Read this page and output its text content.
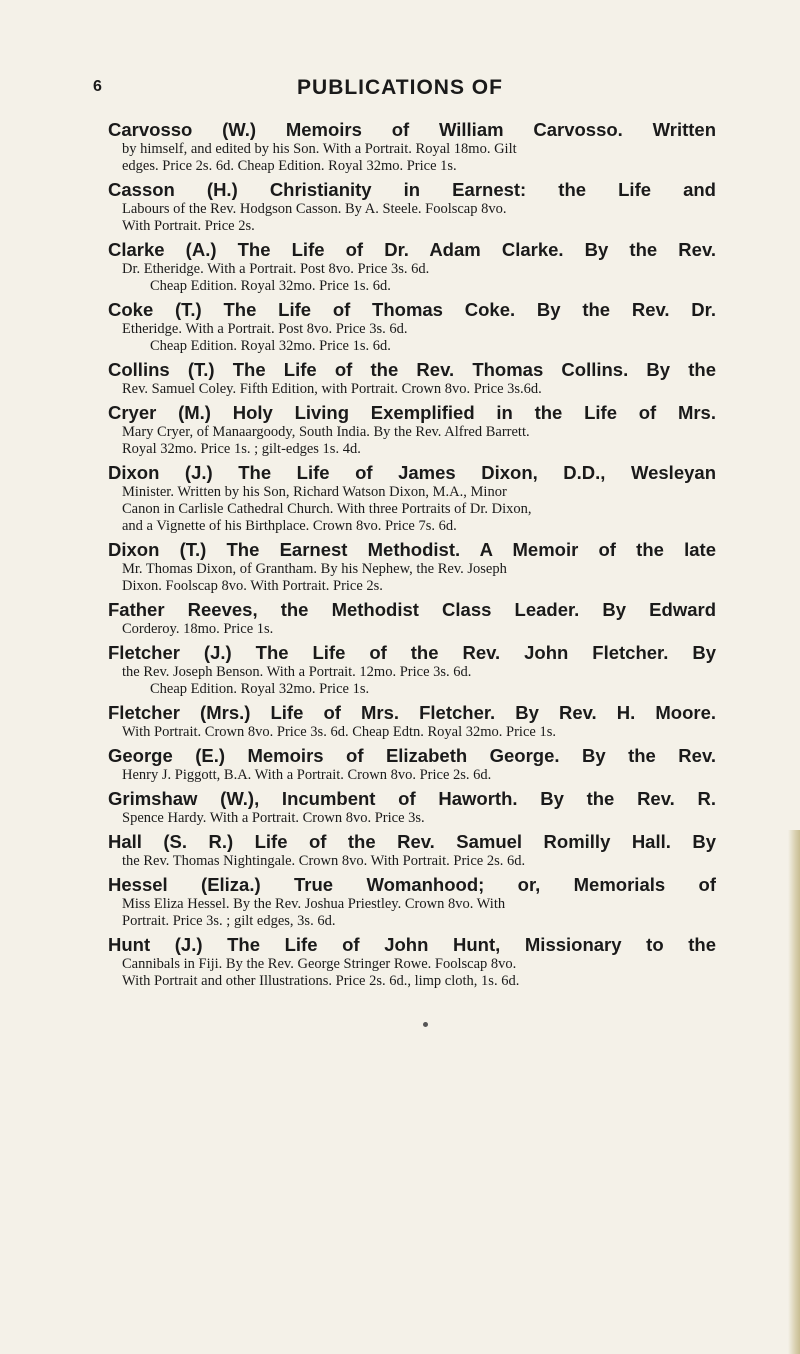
6	PUBLICATIONS OF
Carvosso (W.) Memoirs of William Carvosso. Written
by himself, and edited by his Son. With a Portrait. Royal 18mo. Gilt
edges. Price 2s. 6d. Cheap Edition. Royal 32mo. Price 1s.
Casson (H.) Christianity in Earnest: the Life and
Labours of the Rev. Hodgson Casson. By A. Steele. Foolscap 8vo.
With Portrait. Price 2s.
Clarke (A.) The Life of Dr. Adam Clarke. By the Rev.
Dr. Etheridge. With a Portrait. Post 8vo. Price 3s. 6d.
Cheap Edition. Royal 32mo. Price 1s. 6d.
Coke (T.) The Life of Thomas Coke. By the Rev. Dr.
Etheridge. With a Portrait. Post 8vo. Price 3s. 6d.
Cheap Edition. Royal 32mo. Price 1s. 6d.
Collins (T.) The Life of the Rev. Thomas Collins. By the
Rev. Samuel Coley. Fifth Edition, with Portrait. Crown 8vo. Price 3s.6d.
Cryer (M.) Holy Living Exemplified in the Life of Mrs.
Mary Cryer, of Manaargoody, South India. By the Rev. Alfred Barrett.
Royal 32mo. Price 1s. ; gilt-edges 1s. 4d.
Dixon (J.) The Life of James Dixon, D.D., Wesleyan
Minister. Written by his Son, Richard Watson Dixon, M.A., Minor
Canon in Carlisle Cathedral Church. With three Portraits of Dr. Dixon,
and a Vignette of his Birthplace. Crown 8vo. Price 7s. 6d.
Dixon (T.) The Earnest Methodist. A Memoir of the late
Mr. Thomas Dixon, of Grantham. By his Nephew, the Rev. Joseph
Dixon. Foolscap 8vo. With Portrait. Price 2s.
Father Reeves, the Methodist Class Leader. By Edward
Corderoy. 18mo. Price 1s.
Fletcher (J.) The Life of the Rev. John Fletcher. By
the Rev. Joseph Benson. With a Portrait. 12mo. Price 3s. 6d.
Cheap Edition. Royal 32mo. Price 1s.
Fletcher (Mrs.) Life of Mrs. Fletcher. By Rev. H. Moore.
With Portrait. Crown 8vo. Price 3s. 6d. Cheap Edtn. Royal 32mo. Price 1s.
George (E.) Memoirs of Elizabeth George. By the Rev.
Henry J. Piggott, B.A. With a Portrait. Crown 8vo. Price 2s. 6d.
Grimshaw (W.), Incumbent of Haworth. By the Rev. R.
Spence Hardy. With a Portrait. Crown 8vo. Price 3s.
Hall (S. R.) Life of the Rev. Samuel Romilly Hall. By
the Rev. Thomas Nightingale. Crown 8vo. With Portrait. Price 2s. 6d.
Hessel (Eliza.) True Womanhood; or, Memorials of
Miss Eliza Hessel. By the Rev. Joshua Priestley. Crown 8vo. With
Portrait. Price 3s. ; gilt edges, 3s. 6d.
Hunt (J.) The Life of John Hunt, Missionary to the
Cannibals in Fiji. By the Rev. George Stringer Rowe. Foolscap 8vo.
With Portrait and other Illustrations. Price 2s. 6d., limp cloth, 1s. 6d.
